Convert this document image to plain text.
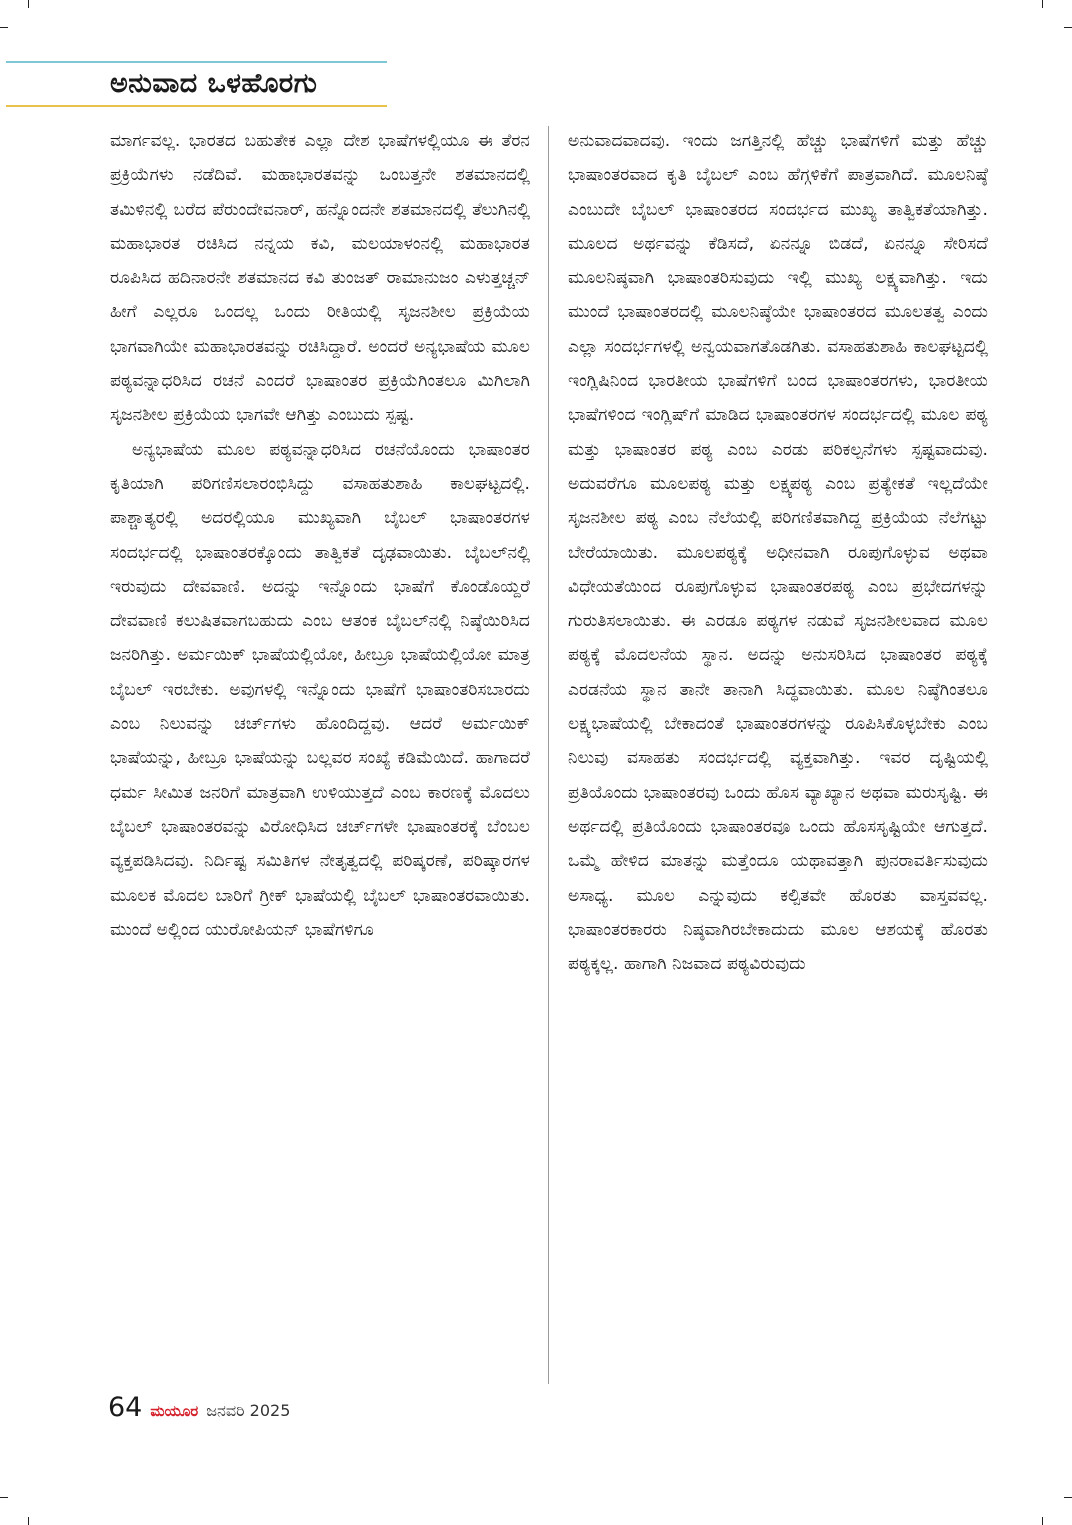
ಅನುವಾದ ಒಳಹೊರಗು

ಮಾರ್ಗವಲ್ಲ. ಭಾರತದ ಬಹುತೇಕ ಎಲ್ಲಾ ದೇಶ ಭಾಷೆಗಳಲ್ಲಿಯೂ ಈ ತೆರನ ಪ್ರಕ್ರಿಯೆಗಳು ನಡೆದಿವೆ. ಮಹಾಭಾರತವನ್ನು ಒಂಬತ್ತನೇ ಶತಮಾನದಲ್ಲಿ ತಮಿಳಿನಲ್ಲಿ ಬರೆದ ಪೆರುಂದೇವನಾರ್, ಹನ್ನೊಂದನೇ ಶತಮಾನದಲ್ಲಿ ತೆಲುಗಿನಲ್ಲಿ ಮಹಾಭಾರತ ರಚಿಸಿದ ನನ್ನಯ ಕವಿ, ಮಲಯಾಳಂನಲ್ಲಿ ಮಹಾಭಾರತ ರೂಪಿಸಿದ ಹದಿನಾರನೇ ಶತಮಾನದ ಕವಿ ತುಂಜತ್ ರಾಮಾನುಜಂ ಎಳುತ್ತಚ್ಚನ್ ಹೀಗೆ ಎಲ್ಲರೂ ಒಂದಲ್ಲ ಒಂದು ರೀತಿಯಲ್ಲಿ ಸೃಜನಶೀಲ ಪ್ರಕ್ರಿಯೆಯ ಭಾಗವಾಗಿಯೇ ಮಹಾಭಾರತವನ್ನು ರಚಿಸಿದ್ದಾರೆ. ಅಂದರೆ ಅನ್ಯಭಾಷೆಯ ಮೂಲ ಪಠ್ಯವನ್ನಾಧರಿಸಿದ ರಚನೆ ಎಂದರೆ ಭಾಷಾಂತರ ಪ್ರಕ್ರಿಯೆಗಿಂತಲೂ ಮಿಗಿಲಾಗಿ ಸೃಜನಶೀಲ ಪ್ರಕ್ರಿಯೆಯ ಭಾಗವೇ ಆಗಿತ್ತು ಎಂಬುದು ಸ್ಪಷ್ಟ.

ಅನ್ಯಭಾಷೆಯ ಮೂಲ ಪಠ್ಯವನ್ನಾಧರಿಸಿದ ರಚನೆಯೊಂದು ಭಾಷಾಂತರ ಕೃತಿಯಾಗಿ ಪರಿಗಣಿಸಲಾರಂಭಿಸಿದ್ದು ವಸಾಹತುಶಾಹಿ ಕಾಲಘಟ್ಟದಲ್ಲಿ. ಪಾಶ್ಚಾತ್ಯರಲ್ಲಿ ಅದರಲ್ಲಿಯೂ ಮುಖ್ಯವಾಗಿ ಬೈಬಲ್ ಭಾಷಾಂತರಗಳ ಸಂದರ್ಭದಲ್ಲಿ ಭಾಷಾಂತರಕ್ಕೊಂದು ತಾತ್ವಿಕತೆ ದೃಢವಾಯಿತು. ಬೈಬಲ್‌ನಲ್ಲಿ ಇರುವುದು ದೇವವಾಣಿ. ಅದನ್ನು ಇನ್ನೊಂದು ಭಾಷೆಗೆ ಕೊಂಡೊಯ್ದರೆ ದೇವವಾಣಿ ಕಲುಷಿತವಾಗಬಹುದು ಎಂಬ ಆತಂಕ ಬೈಬಲ್‌ನಲ್ಲಿ ನಿಷ್ಠೆಯಿರಿಸಿದ ಜನರಿಗಿತ್ತು. ಅರ್ಮಯಿಕ್ ಭಾಷೆಯಲ್ಲಿಯೋ, ಹೀಬ್ರೂ ಭಾಷೆಯಲ್ಲಿಯೋ ಮಾತ್ರ ಬೈಬಲ್ ಇರಬೇಕು. ಅವುಗಳಲ್ಲಿ ಇನ್ನೊಂದು ಭಾಷೆಗೆ ಭಾಷಾಂತರಿಸಬಾರದು ಎಂಬ ನಿಲುವನ್ನು ಚರ್ಚ್‌ಗಳು ಹೊಂದಿದ್ದವು. ಆದರೆ ಅರ್ಮಯಿಕ್ ಭಾಷೆಯನ್ನು, ಹೀಬ್ರೂ ಭಾಷೆಯನ್ನು ಬಲ್ಲವರ ಸಂಖ್ಯೆ ಕಡಿಮೆಯಿದೆ. ಹಾಗಾದರೆ ಧರ್ಮ ಸೀಮಿತ ಜನರಿಗೆ ಮಾತ್ರವಾಗಿ ಉಳಿಯುತ್ತದೆ ಎಂಬ ಕಾರಣಕ್ಕೆ ಮೊದಲು ಬೈಬಲ್ ಭಾಷಾಂತರವನ್ನು ವಿರೋಧಿಸಿದ ಚರ್ಚ್‌ಗಳೇ ಭಾಷಾಂತರಕ್ಕೆ ಬೆಂಬಲ ವ್ಯಕ್ತಪಡಿಸಿದವು. ನಿರ್ದಿಷ್ಟ ಸಮಿತಿಗಳ ನೇತೃತ್ವದಲ್ಲಿ ಪರಿಷ್ಕರಣೆ, ಪರಿಷ್ಕಾರಗಳ ಮೂಲಕ ಮೊದಲ ಬಾರಿಗೆ ಗ್ರೀಕ್ ಭಾಷೆಯಲ್ಲಿ ಬೈಬಲ್ ಭಾಷಾಂತರವಾಯಿತು. ಮುಂದೆ ಅಲ್ಲಿಂದ ಯುರೋಪಿಯನ್ ಭಾಷೆಗಳಿಗೂ

ಅನುವಾದವಾದವು. ಇಂದು ಜಗತ್ತಿನಲ್ಲಿ ಹೆಚ್ಚು ಭಾಷೆಗಳಿಗೆ ಮತ್ತು ಹೆಚ್ಚು ಭಾಷಾಂತರವಾದ ಕೃತಿ ಬೈಬಲ್ ಎಂಬ ಹೆಗ್ಗಳಿಕೆಗೆ ಪಾತ್ರವಾಗಿದೆ. ಮೂಲನಿಷ್ಠೆ ಎಂಬುದೇ ಬೈಬಲ್ ಭಾಷಾಂತರದ ಸಂದರ್ಭದ ಮುಖ್ಯ ತಾತ್ವಿಕತೆಯಾಗಿತ್ತು. ಮೂಲದ ಅರ್ಥವನ್ನು ಕೆಡಿಸದೆ, ಏನನ್ನೂ ಬಿಡದೆ, ಏನನ್ನೂ ಸೇರಿಸದೆ ಮೂಲನಿಷ್ಠವಾಗಿ ಭಾಷಾಂತರಿಸುವುದು ಇಲ್ಲಿ ಮುಖ್ಯ ಲಕ್ಷ್ಯವಾಗಿತ್ತು. ಇದು ಮುಂದೆ ಭಾಷಾಂತರದಲ್ಲಿ ಮೂಲನಿಷ್ಠೆಯೇ ಭಾಷಾಂತರದ ಮೂಲತತ್ವ ಎಂದು ಎಲ್ಲಾ ಸಂದರ್ಭಗಳಲ್ಲಿ ಅನ್ವಯವಾಗತೊಡಗಿತು. ವಸಾಹತುಶಾಹಿ ಕಾಲಘಟ್ಟದಲ್ಲಿ ಇಂಗ್ಲಿಷಿನಿಂದ ಭಾರತೀಯ ಭಾಷೆಗಳಿಗೆ ಬಂದ ಭಾಷಾಂತರಗಳು, ಭಾರತೀಯ ಭಾಷೆಗಳಿಂದ ಇಂಗ್ಲಿಷ್‌ಗೆ ಮಾಡಿದ ಭಾಷಾಂತರಗಳ ಸಂದರ್ಭದಲ್ಲಿ ಮೂಲ ಪಠ್ಯ ಮತ್ತು ಭಾಷಾಂತರ ಪಠ್ಯ ಎಂಬ ಎರಡು ಪರಿಕಲ್ಪನೆಗಳು ಸ್ಪಷ್ಟವಾದುವು. ಅದುವರೆಗೂ ಮೂಲಪಠ್ಯ ಮತ್ತು ಲಕ್ಷ್ಯಪಠ್ಯ ಎಂಬ ಪ್ರತ್ಯೇಕತೆ ಇಲ್ಲದೆಯೇ ಸೃಜನಶೀಲ ಪಠ್ಯ ಎಂಬ ನೆಲೆಯಲ್ಲಿ ಪರಿಗಣಿತವಾಗಿದ್ದ ಪ್ರಕ್ರಿಯೆಯ ನೆಲೆಗಟ್ಟು ಬೇರೆಯಾಯಿತು. ಮೂಲಪಠ್ಯಕ್ಕೆ ಅಧೀನವಾಗಿ ರೂಪುಗೊಳ್ಳುವ ಅಥವಾ ವಿಧೇಯತೆಯಿಂದ ರೂಪುಗೊಳ್ಳುವ ಭಾಷಾಂತರಪಠ್ಯ ಎಂಬ ಪ್ರಭೇದಗಳನ್ನು ಗುರುತಿಸಲಾಯಿತು. ಈ ಎರಡೂ ಪಠ್ಯಗಳ ನಡುವೆ ಸೃಜನಶೀಲವಾದ ಮೂಲ ಪಠ್ಯಕ್ಕೆ ಮೊದಲನೆಯ ಸ್ಥಾನ. ಅದನ್ನು ಅನುಸರಿಸಿದ ಭಾಷಾಂತರ ಪಠ್ಯಕ್ಕೆ ಎರಡನೆಯ ಸ್ಥಾನ ತಾನೇ ತಾನಾಗಿ ಸಿದ್ಧವಾಯಿತು. ಮೂಲ ನಿಷ್ಠೆಗಿಂತಲೂ ಲಕ್ಷ್ಯಭಾಷೆಯಲ್ಲಿ ಬೇಕಾದಂತೆ ಭಾಷಾಂತರಗಳನ್ನು ರೂಪಿಸಿಕೊಳ್ಳಬೇಕು ಎಂಬ ನಿಲುವು ವಸಾಹತು ಸಂದರ್ಭದಲ್ಲಿ ವ್ಯಕ್ತವಾಗಿತ್ತು. ಇವರ ದೃಷ್ಟಿಯಲ್ಲಿ ಪ್ರತಿಯೊಂದು ಭಾಷಾಂತರವು ಒಂದು ಹೊಸ ವ್ಯಾಖ್ಯಾನ ಅಥವಾ ಮರುಸೃಷ್ಟಿ. ಈ ಅರ್ಥದಲ್ಲಿ ಪ್ರತಿಯೊಂದು ಭಾಷಾಂತರವೂ ಒಂದು ಹೊಸಸೃಷ್ಟಿಯೇ ಆಗುತ್ತದೆ. ಒಮ್ಮೆ ಹೇಳಿದ ಮಾತನ್ನು ಮತ್ತೆಂದೂ ಯಥಾವತ್ತಾಗಿ ಪುನರಾವರ್ತಿಸುವುದು ಅಸಾಧ್ಯ. ಮೂಲ ಎನ್ನುವುದು ಕಲ್ಪಿತವೇ ಹೊರತು ವಾಸ್ತವವಲ್ಲ. ಭಾಷಾಂತರಕಾರರು ನಿಷ್ಠವಾಗಿರಬೇಕಾದುದು ಮೂಲ ಆಶಯಕ್ಕೆ ಹೊರತು ಪಠ್ಯಕ್ಕಲ್ಲ. ಹಾಗಾಗಿ ನಿಜವಾದ ಪಠ್ಯವಿರುವುದು

64 ಮಯೂರ ಜನವರಿ 2025
